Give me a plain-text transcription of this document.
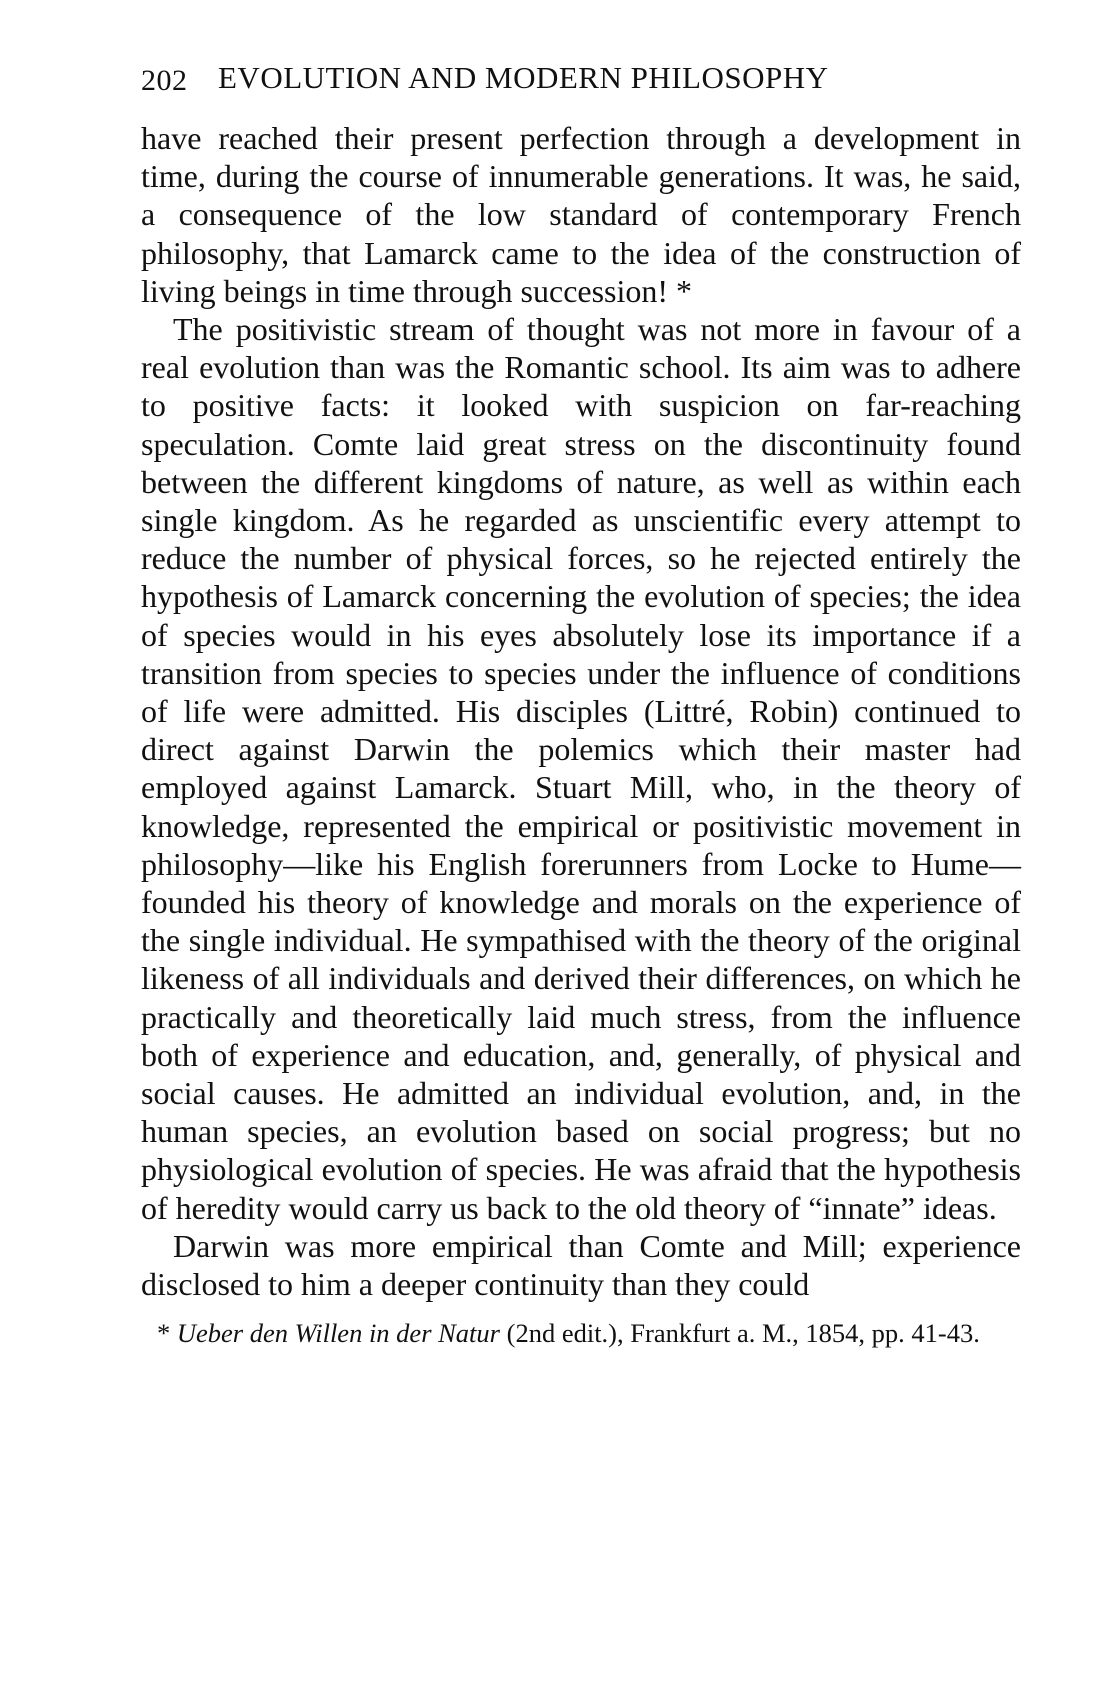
202 EVOLUTION AND MODERN PHILOSOPHY

have reached their present perfection through a development in time, during the course of innumerable generations. It was, he said, a consequence of the low standard of contemporary French philosophy, that Lamarck came to the idea of the construction of living beings in time through succession! *

The positivistic stream of thought was not more in favour of a real evolution than was the Romantic school. Its aim was to adhere to positive facts: it looked with suspicion on far-reaching speculation. Comte laid great stress on the discontinuity found between the different kingdoms of nature, as well as within each single kingdom. As he regarded as unscientific every attempt to reduce the number of physical forces, so he rejected entirely the hypothesis of Lamarck concerning the evolution of species; the idea of species would in his eyes absolutely lose its importance if a transition from species to species under the influence of conditions of life were admitted. His disciples (Littré, Robin) continued to direct against Darwin the polemics which their master had employed against Lamarck. Stuart Mill, who, in the theory of knowledge, represented the empirical or positivistic movement in philosophy—like his English forerunners from Locke to Hume—founded his theory of knowledge and morals on the experience of the single individual. He sympathised with the theory of the original likeness of all individuals and derived their differences, on which he practically and theoretically laid much stress, from the influence both of experience and education, and, generally, of physical and social causes. He admitted an individual evolution, and, in the human species, an evolution based on social progress; but no physiological evolution of species. He was afraid that the hypothesis of heredity would carry us back to the old theory of “innate” ideas.

Darwin was more empirical than Comte and Mill; experience disclosed to him a deeper continuity than they could

* Ueber den Willen in der Natur (2nd edit.), Frankfurt a. M., 1854, pp. 41-43.
